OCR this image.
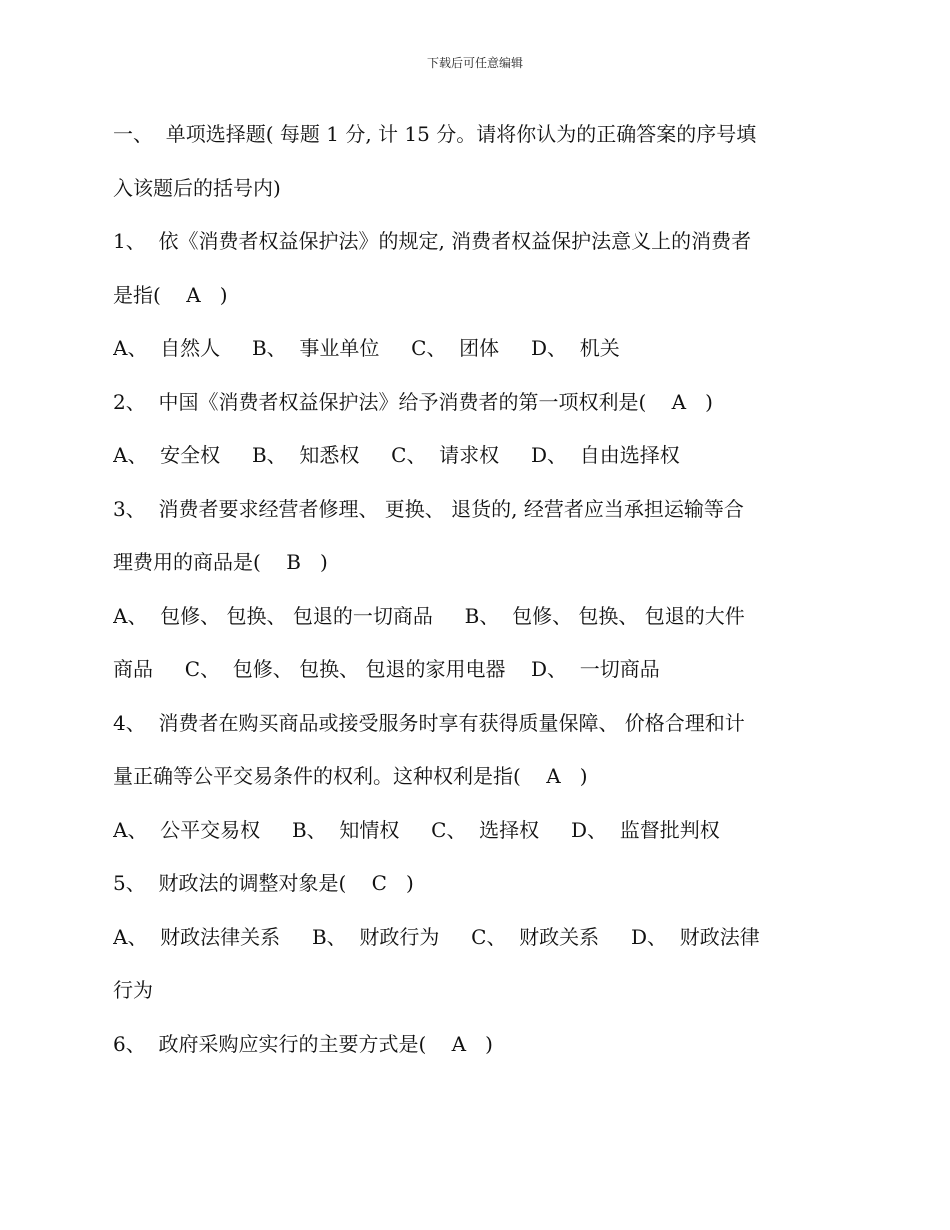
下载后可任意编辑
一、  单项选择题( 每题 1 分, 计 15 分。请将你认为的正确答案的序号填
入该题后的括号内)
1、  依《消费者权益保护法》的规定, 消费者权益保护法意义上的消费者
是指(    A   )
A、  自然人     B、  事业单位     C、  团体     D、  机关
2、  中国《消费者权益保护法》给予消费者的第一项权利是(    A   )
A、  安全权     B、  知悉权     C、  请求权     D、  自由选择权
3、  消费者要求经营者修理、 更换、 退货的, 经营者应当承担运输等合
理费用的商品是(    B   )
A、  包修、 包换、 包退的一切商品     B、  包修、 包换、 包退的大件
商品     C、  包修、 包换、 包退的家用电器    D、  一切商品
4、  消费者在购买商品或接受服务时享有获得质量保障、 价格合理和计
量正确等公平交易条件的权利。这种权利是指(    A   )
A、  公平交易权     B、  知情权     C、  选择权     D、  监督批判权
5、  财政法的调整对象是(    C   )
A、  财政法律关系     B、  财政行为     C、  财政关系     D、  财政法律
行为
6、  政府采购应实行的主要方式是(    A   )
